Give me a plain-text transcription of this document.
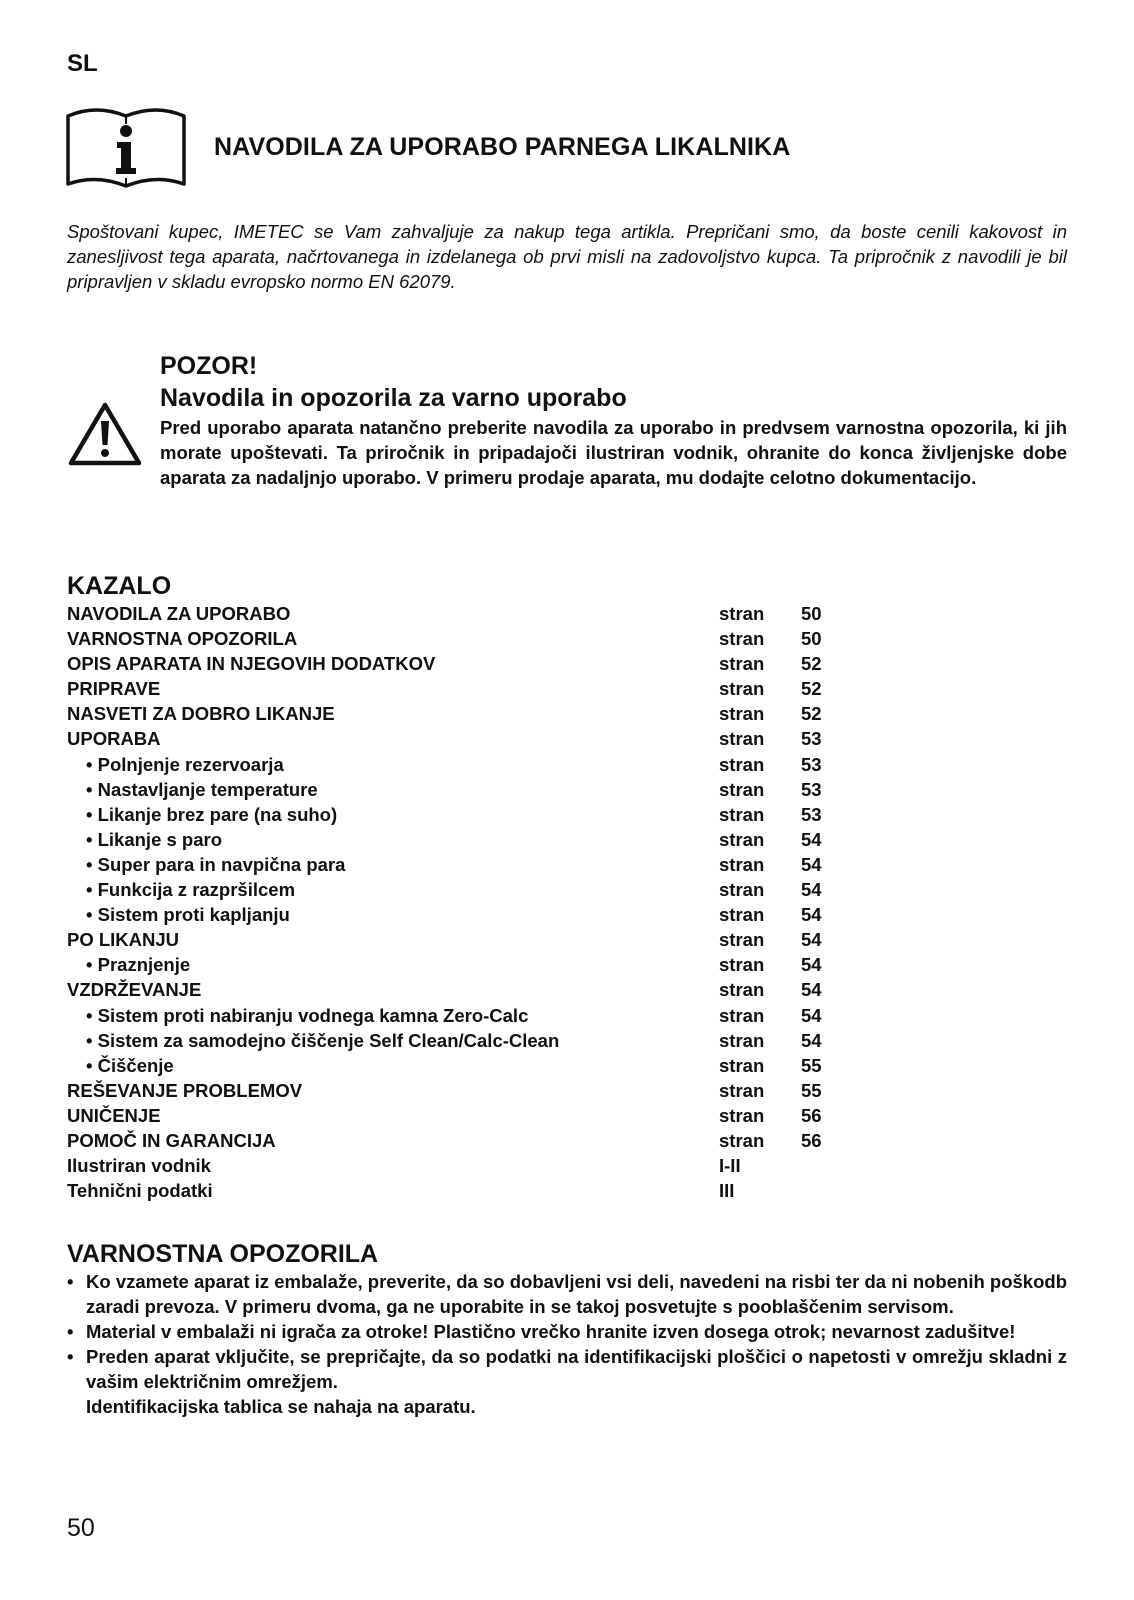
SL
NAVODILA ZA UPORABO PARNEGA LIKALNIKA
Spoštovani kupec, IMETEC se Vam zahvaljuje za nakup tega artikla. Prepričani smo, da boste cenili kakovost in zanesljivost tega aparata, načrtovanega in izdelanega ob prvi misli na zadovoljstvo kupca. Ta pripročnik z navodili je bil pripravljen v skladu evropsko normo EN 62079.
POZOR!
Navodila in opozorila za varno uporabo
Pred uporabo aparata natančno preberite navodila za uporabo in predvsem varnostna opozorila, ki jih morate upoštevati. Ta priročnik in pripadajoči ilustriran vodnik, ohranite do konca življenjske dobe aparata za nadaljnjo uporabo. V primeru prodaje aparata, mu dodajte celotno dokumentacijo.
KAZALO
NAVODILA ZA UPORABO	stran 50
VARNOSTNA OPOZORILA	stran 50
OPIS APARATA IN NJEGOVIH DODATKOV	stran 52
PRIPRAVE	stran 52
NASVETI ZA DOBRO LIKANJE	stran 52
UPORABA	stran 53
• Polnjenje rezervoarja	stran 53
• Nastavljanje temperature	stran 53
• Likanje brez pare (na suho)	stran 53
• Likanje s paro	stran 54
• Super para in navpična para	stran 54
• Funkcija z razpršilcem	stran 54
• Sistem proti kapljanju	stran 54
PO LIKANJU	stran 54
• Praznjenje	stran 54
VZDRŽEVANJE	stran 54
• Sistem proti nabiranju vodnega kamna Zero-Calc	stran 54
• Sistem za samodejno čiščenje Self Clean/Calc-Clean	stran 54
• Čiščenje	stran 55
REŠEVANJE PROBLEMOV	stran 55
UNIČENJE	stran 56
POMOČ IN GARANCIJA	stran 56
Ilustriran vodnik	I-II
Tehnični podatki	III
VARNOSTNA OPOZORILA
• Ko vzamete aparat iz embalaže, preverite, da so dobavljeni vsi deli, navedeni na risbi ter da ni nobenih poškodb zaradi prevoza. V primeru dvoma, ga ne uporabite in se takoj posvetujte s pooblaščenim servisom.
• Material v embalaži ni igrača za otroke! Plastično vrečko hranite izven dosega otrok; nevarnost zadušitve!
• Preden aparat vključite, se prepričajte, da so podatki na identifikacijski ploščici o napetosti v omrežju skladni z vašim električnim omrežjem.
Identifikacijska tablica se nahaja na aparatu.
50
